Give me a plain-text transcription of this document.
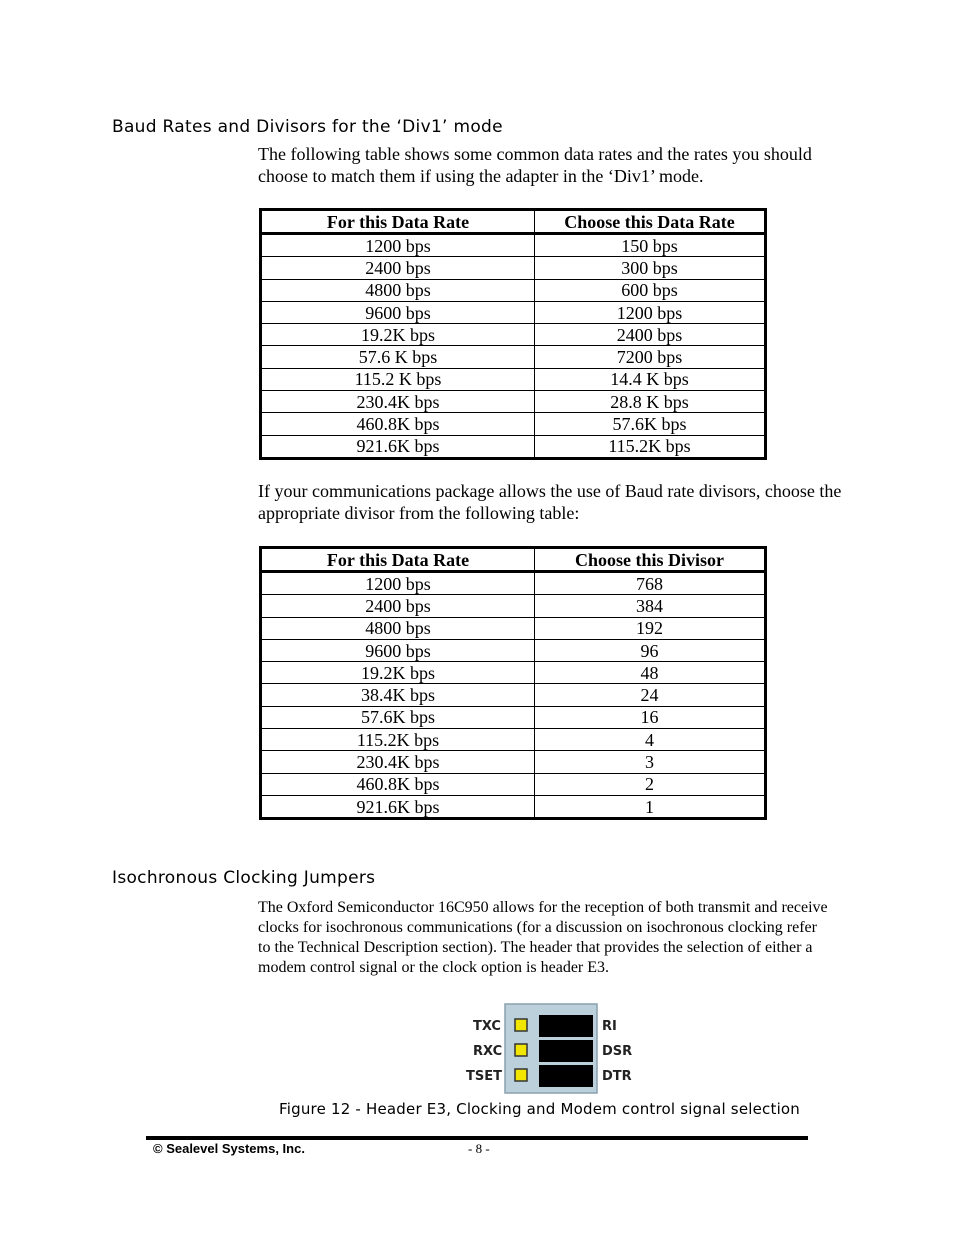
Baud Rates and Divisors for the ‘Div1’ mode

The following table shows some common data rates and the rates you should choose to match them if using the adapter in the ‘Div1’ mode.

For this Data Rate	Choose this Data Rate
1200 bps	150 bps
2400 bps	300 bps
4800 bps	600 bps
9600 bps	1200 bps
19.2K bps	2400 bps
57.6 K bps	7200 bps
115.2 K bps	14.4 K bps
230.4K bps	28.8 K bps
460.8K bps	57.6K bps
921.6K bps	115.2K bps

If your communications package allows the use of Baud rate divisors, choose the appropriate divisor from the following table:

For this Data Rate	Choose this Divisor
1200 bps	768
2400 bps	384
4800 bps	192
9600 bps	96
19.2K bps	48
38.4K bps	24
57.6K bps	16
115.2K bps	4
230.4K bps	3
460.8K bps	2
921.6K bps	1
Isochronous Clocking Jumpers

The Oxford Semiconductor 16C950 allows for the reception of both transmit and receive clocks for isochronous communications (for a discussion on isochronous clocking refer to the Technical Description section). The header that provides the selection of either a modem control signal or the clock option is header E3.

TXC
RXC
TSET
RI
DSR
DTR
Figure 12 - Header E3, Clocking and Modem control signal selection
© Sealevel Systems, Inc.	- 8 -
